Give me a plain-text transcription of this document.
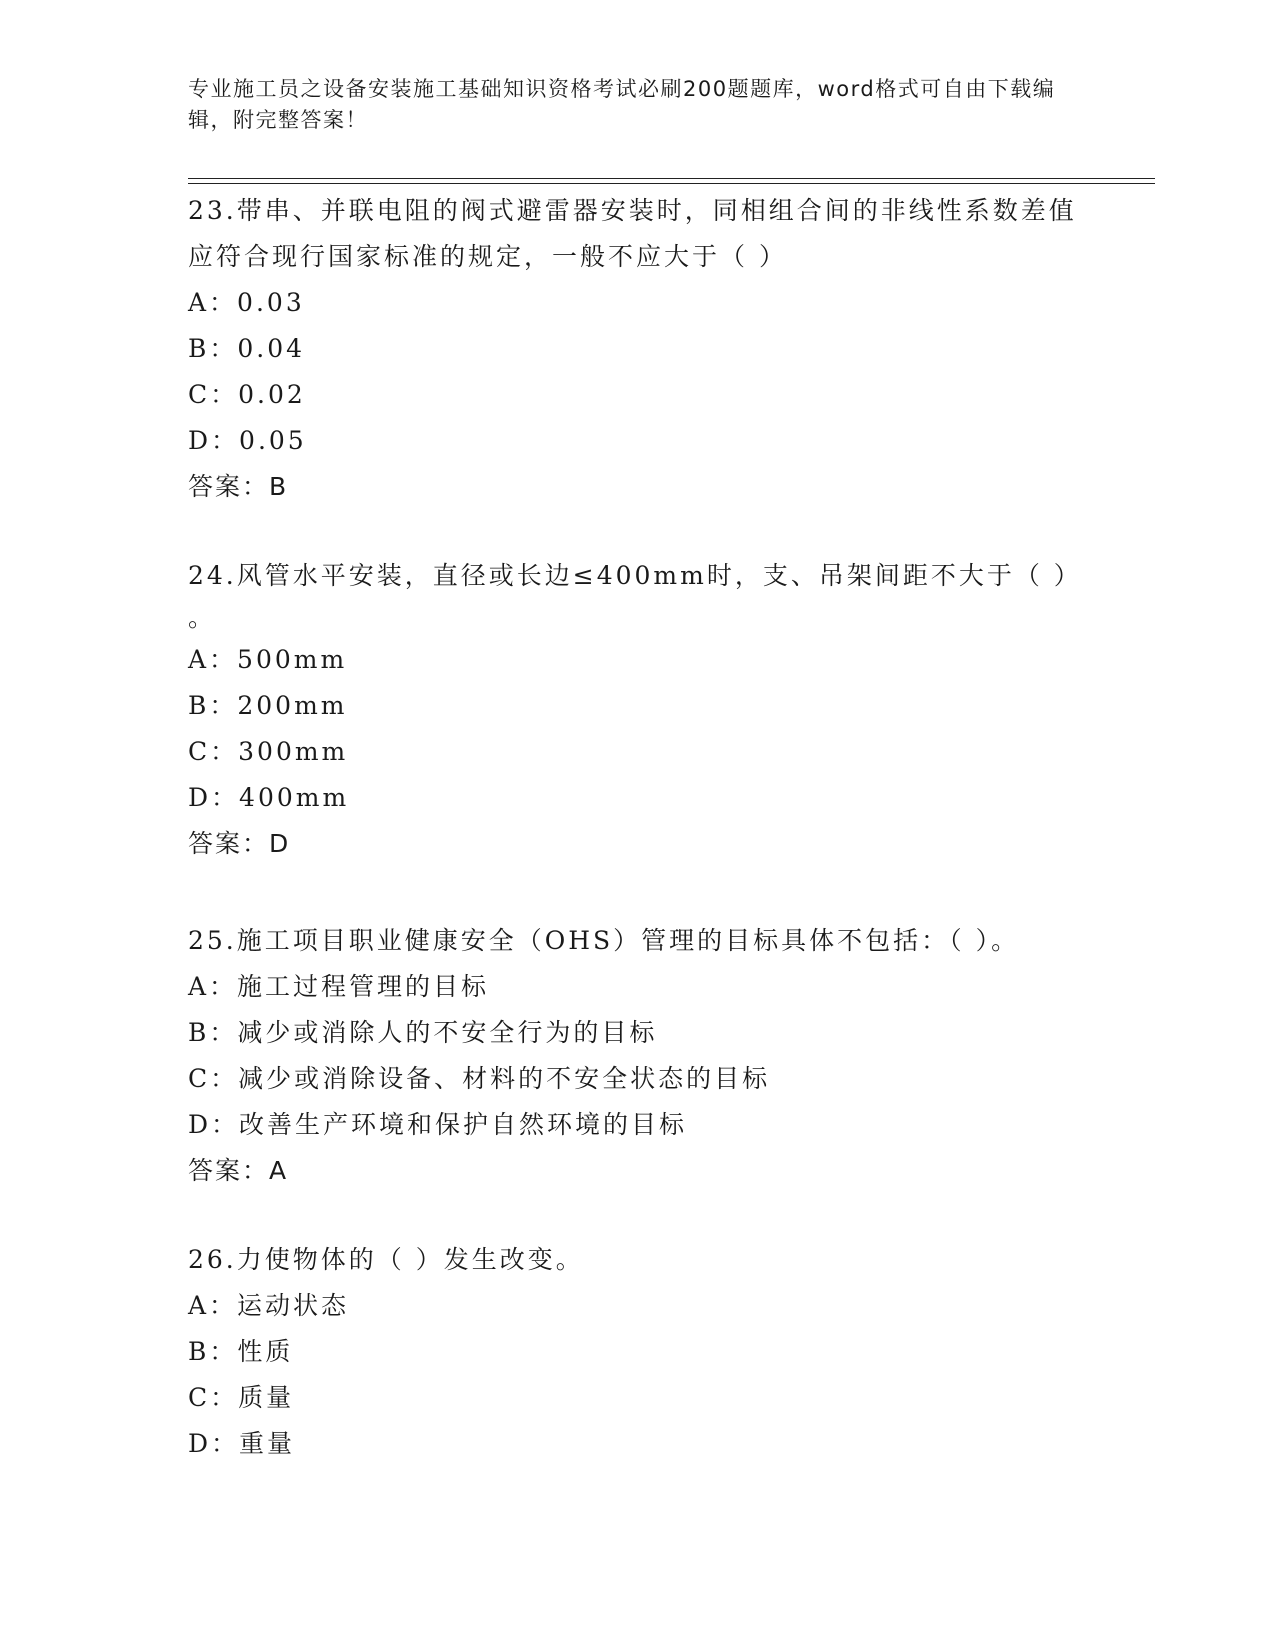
专业施工员之设备安装施工基础知识资格考试必刷200题题库，word格式可自由下载编辑，附完整答案！
23.带串、并联电阻的阀式避雷器安装时，同相组合间的非线性系数差值应符合现行国家标准的规定，一般不应大于（ ）
A：0.03
B：0.04
C：0.02
D：0.05
答案：B
24.风管水平安装，直径或长边≤400mm时，支、吊架间距不大于（ ）
。
A：500mm
B：200mm
C：300mm
D：400mm
答案：D
25.施工项目职业健康安全（OHS）管理的目标具体不包括：（ ）。
A：施工过程管理的目标
B：减少或消除人的不安全行为的目标
C：减少或消除设备、材料的不安全状态的目标
D：改善生产环境和保护自然环境的目标
答案：A
26.力使物体的（ ）发生改变。
A：运动状态
B：性质
C：质量
D：重量
